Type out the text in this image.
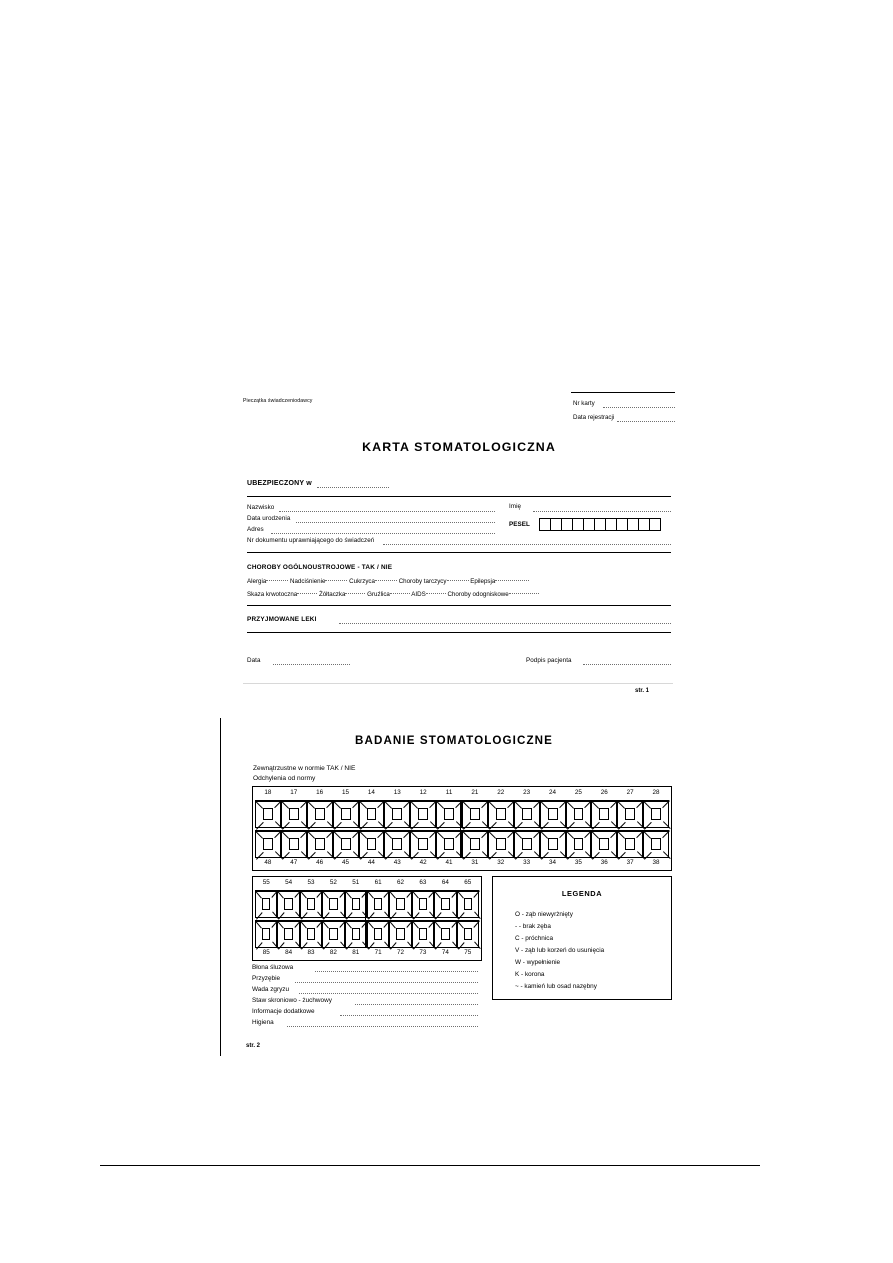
Pieczątka świadczeniodawcy	Nr karty
Data rejestracji
KARTA STOMATOLOGICZNA
UBEZPIECZONY w
Nazwisko
Data urodzenia
Adres
Nr dokumentu uprawniającego do świadczeń
Imię
PESEL
CHOROBY OGÓLNOUSTROJOWE - TAK / NIE
Alergia	Nadciśnienie	Cukrzyca	Choroby tarczycy	Epilepsja
Skaza krwotoczna	Żółtaczka	Gruźlica	AIDS	Choroby odogniskowe
PRZYJMOWANE LEKI
Data	Podpis pacjenta
str. 1
BADANIE STOMATOLOGICZNE
Zewnątrzustne w normie TAK / NIE
Odchylenia od normy
18	17	16	15	14	13	12	11	21	22	23	24	25	26	27	28
48	47	46	45	44	43	42	41	31	32	33	34	35	36	37	38
55	54	53	52	51	61	62	63	64	65
85	84	83	82	81	71	72	73	74	75
LEGENDA
O - ząb niewyrżnięty
- - brak zęba
C - próchnica
V - ząb lub korzeń do usunięcia
W - wypełnienie
K - korona
~ - kamień lub osad nazębny
Błona śluzowa
Przyzębie
Wada zgryzu
Staw skroniowo - żuchwowy
Informacje dodatkowe
Higiena
str. 2
